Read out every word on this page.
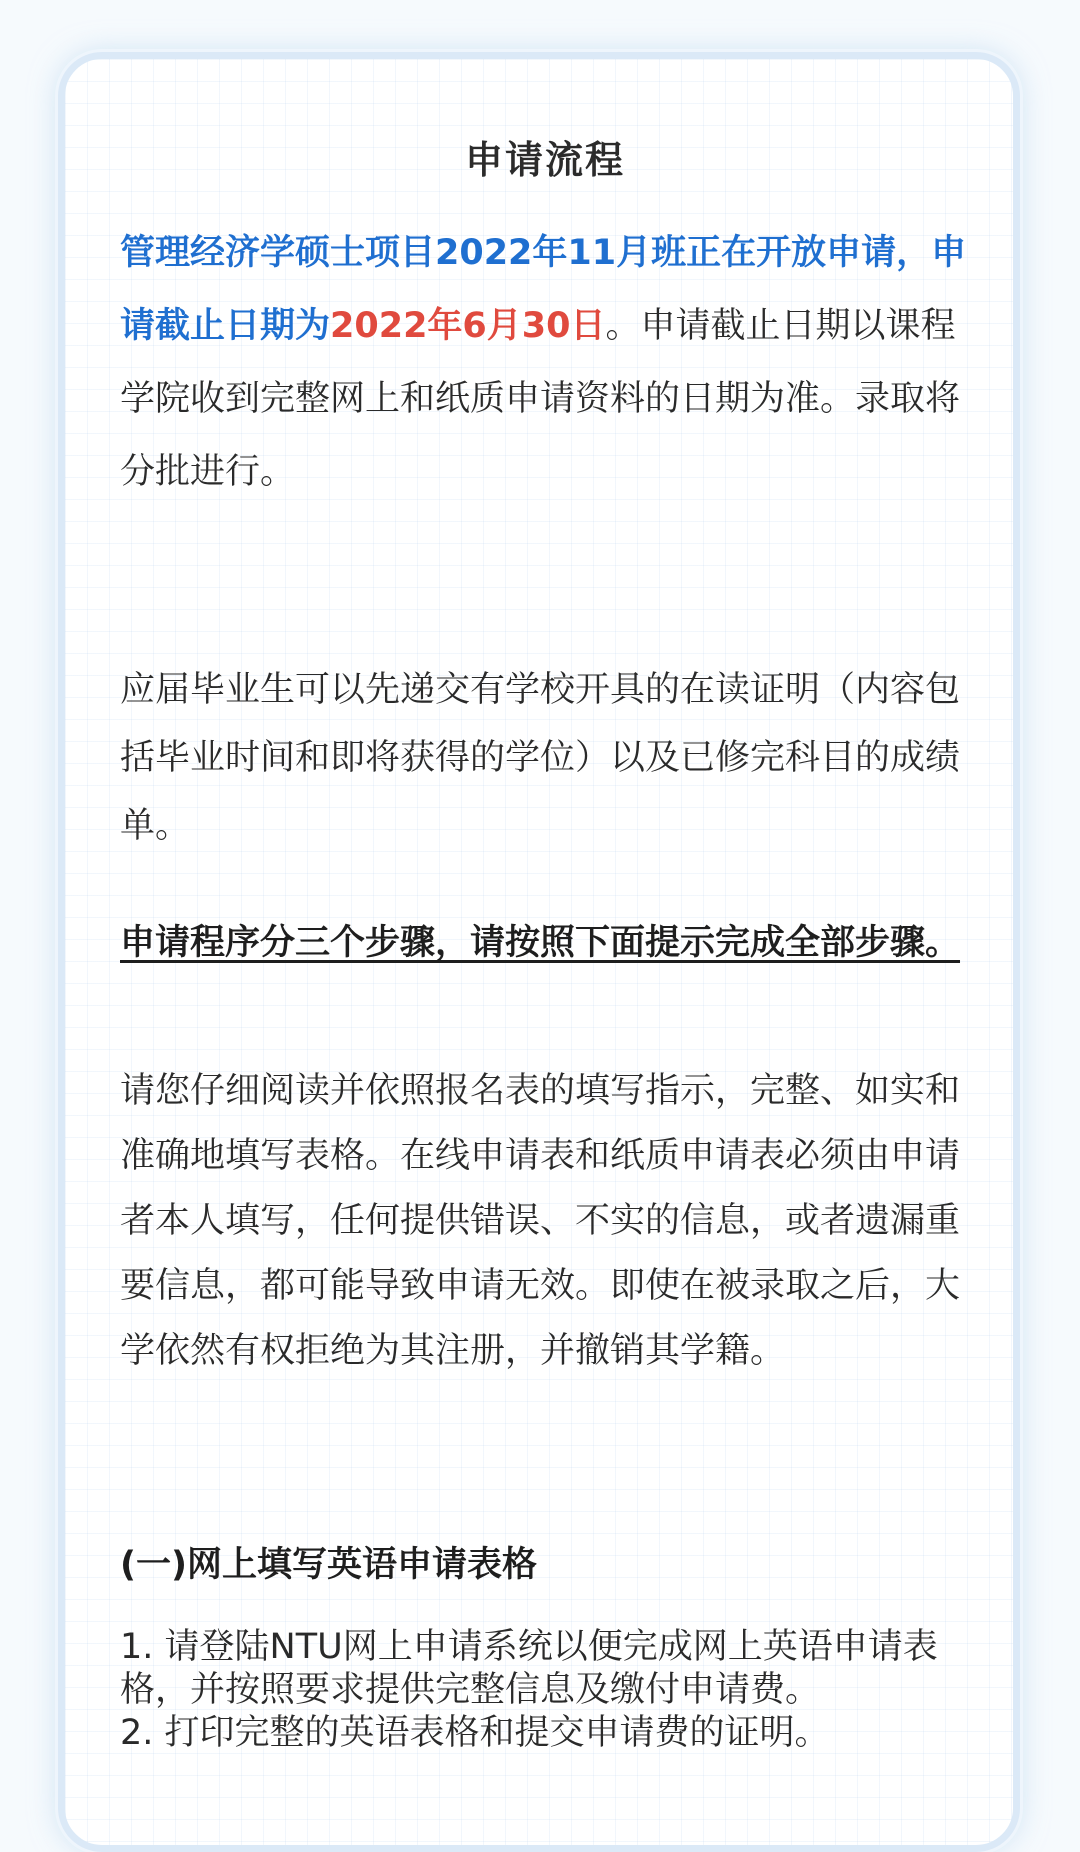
申请流程

管理经济学硕士项目2022年11月班正在开放申请，申请截止日期为2022年6月30日。申请截止日期以课程学院收到完整网上和纸质申请资料的日期为准。录取将分批进行。

应届毕业生可以先递交有学校开具的在读证明（内容包括毕业时间和即将获得的学位）以及已修完科目的成绩单。

申请程序分三个步骤，请按照下面提示完成全部步骤。

请您仔细阅读并依照报名表的填写指示，完整、如实和准确地填写表格。在线申请表和纸质申请表必须由申请者本人填写，任何提供错误、不实的信息，或者遗漏重要信息，都可能导致申请无效。即使在被录取之后，大学依然有权拒绝为其注册，并撤销其学籍。

(一)网上填写英语申请表格

1. 请登陆NTU网上申请系统以便完成网上英语申请表格，并按照要求提供完整信息及缴付申请费。
2. 打印完整的英语表格和提交申请费的证明。
